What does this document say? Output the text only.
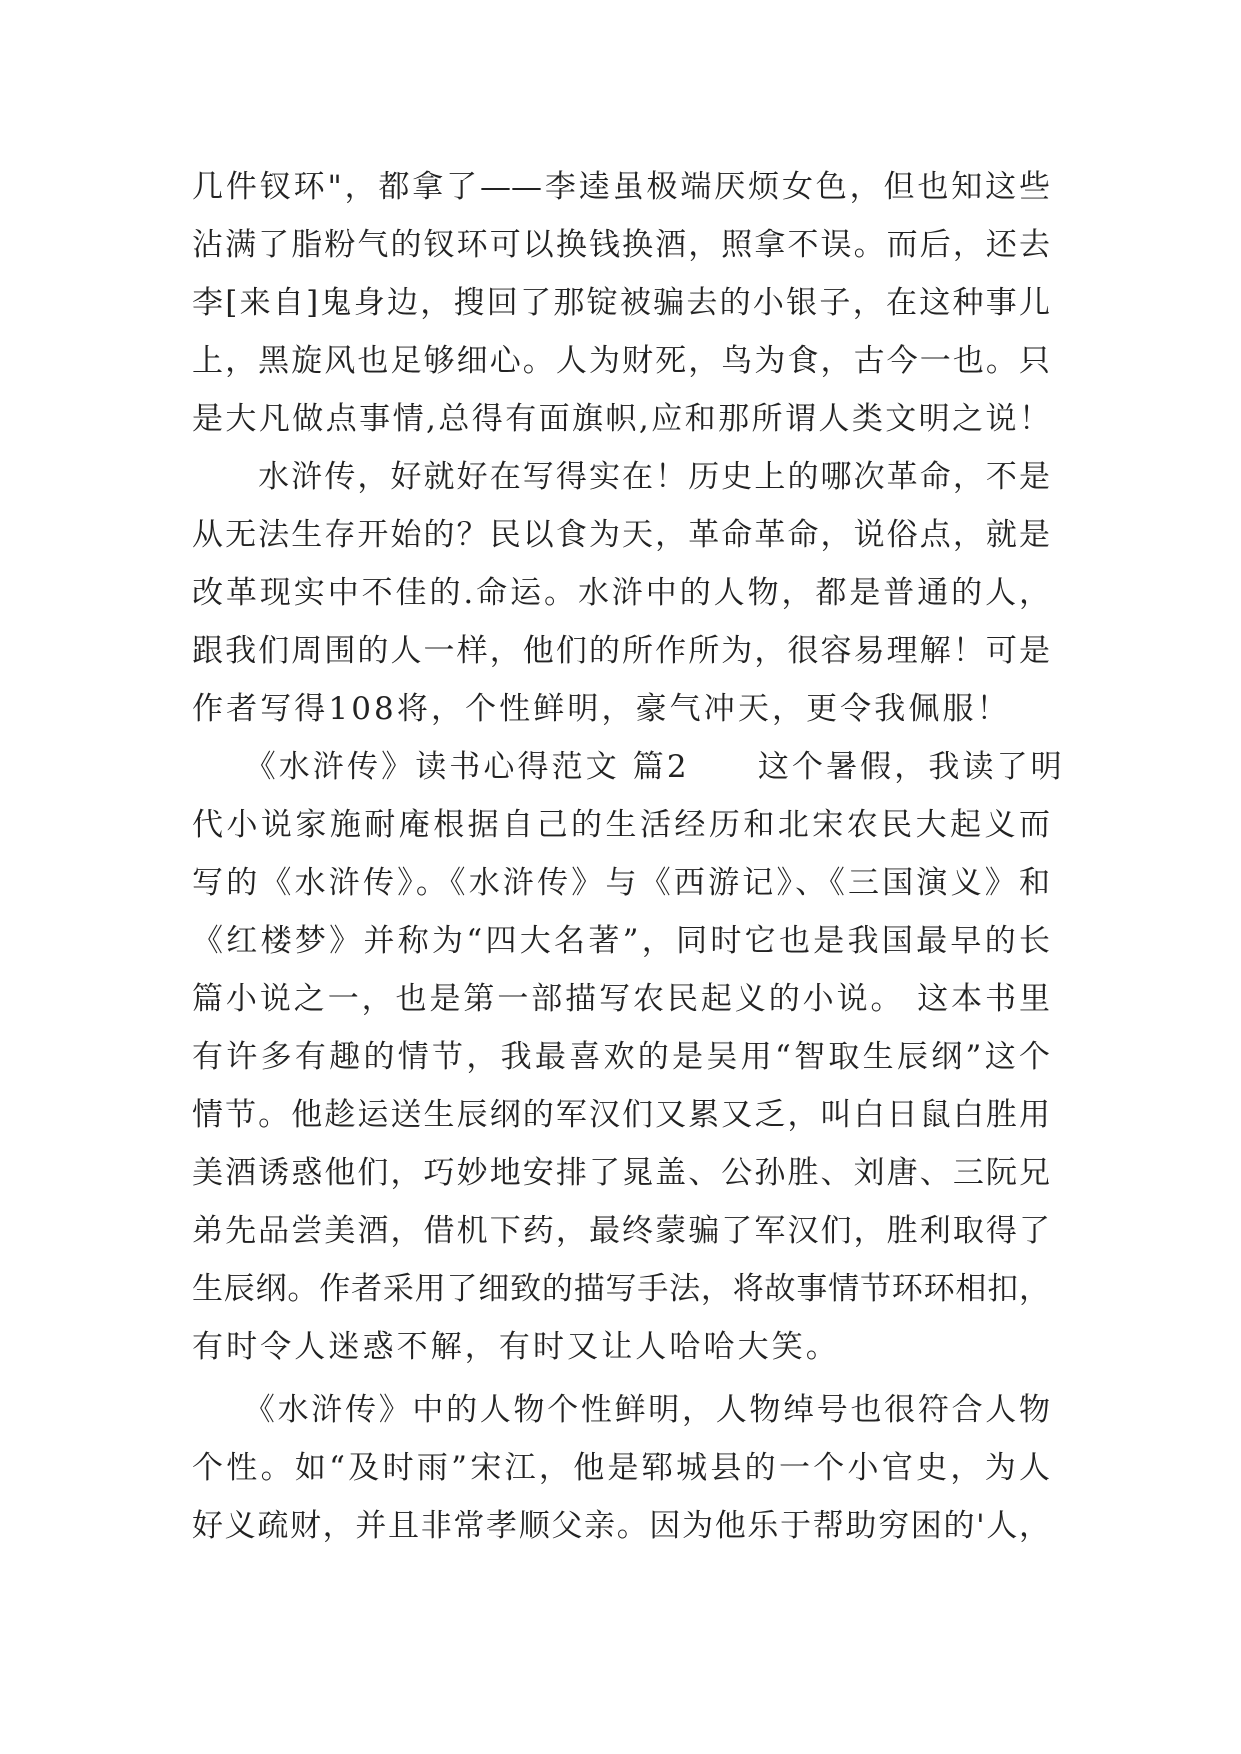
几件钗环"，都拿了——李逵虽极端厌烦女色，但也知这些
沾满了脂粉气的钗环可以换钱换酒，照拿不误。而后，还去
李[来自]鬼身边，搜回了那锭被骗去的小银子，在这种事儿
上，黑旋风也足够细心。人为财死，鸟为食，古今一也。只
是大凡做点事情,总得有面旗帜,应和那所谓人类文明之说！
　　水浒传，好就好在写得实在！历史上的哪次革命，不是
从无法生存开始的？民以食为天，革命革命，说俗点，就是
改革现实中不佳的.命运。水浒中的人物，都是普通的人，
跟我们周围的人一样，他们的所作所为，很容易理解！可是
作者写得108将，个性鲜明，豪气冲天，更令我佩服！
　　《水浒传》读书心得范文 篇2　　这个暑假，我读了明
代小说家施耐庵根据自己的生活经历和北宋农民大起义而
写的《水浒传》。《水浒传》与《西游记》、《三国演义》和
《红楼梦》并称为“四大名著”，同时它也是我国最早的长
篇小说之一，也是第一部描写农民起义的小说。 这本书里
有许多有趣的情节，我最喜欢的是吴用“智取生辰纲”这个
情节。他趁运送生辰纲的军汉们又累又乏，叫白日鼠白胜用
美酒诱惑他们，巧妙地安排了晁盖、公孙胜、刘唐、三阮兄
弟先品尝美酒，借机下药，最终蒙骗了军汉们，胜利取得了
生辰纲。作者采用了细致的描写手法，将故事情节环环相扣，
有时令人迷惑不解，有时又让人哈哈大笑。
　　《水浒传》中的人物个性鲜明，人物绰号也很符合人物
个性。如“及时雨”宋江，他是郓城县的一个小官史，为人
好义疏财，并且非常孝顺父亲。因为他乐于帮助穷困的'人，
